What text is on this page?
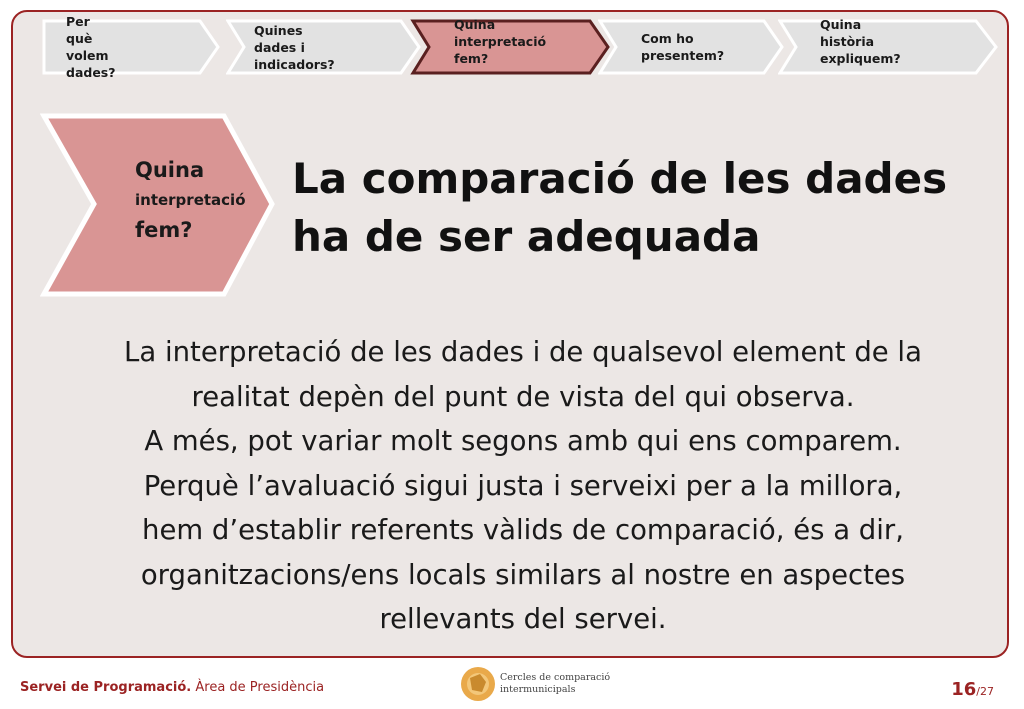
Per què
volem dades?
Quines dades i
indicadors?
Quina
interpretació fem?
Com ho presentem?
Quina història
expliquem?
Quina
interpretació
fem?
La comparació de les dades
ha de ser adequada
La interpretació de les dades i de qualsevol element de la
realitat depèn del punt de vista del qui observa.
A més, pot variar molt segons amb qui ens comparem.
Perquè l’avaluació sigui justa i serveixi per a la millora,
hem d’establir referents vàlids de comparació, és a dir,
organitzacions/ens locals similars al nostre en aspectes
rellevants del servei.
Servei de Programació. Àrea de Presidència
Cercles de comparació
intermunicipals	16/27
